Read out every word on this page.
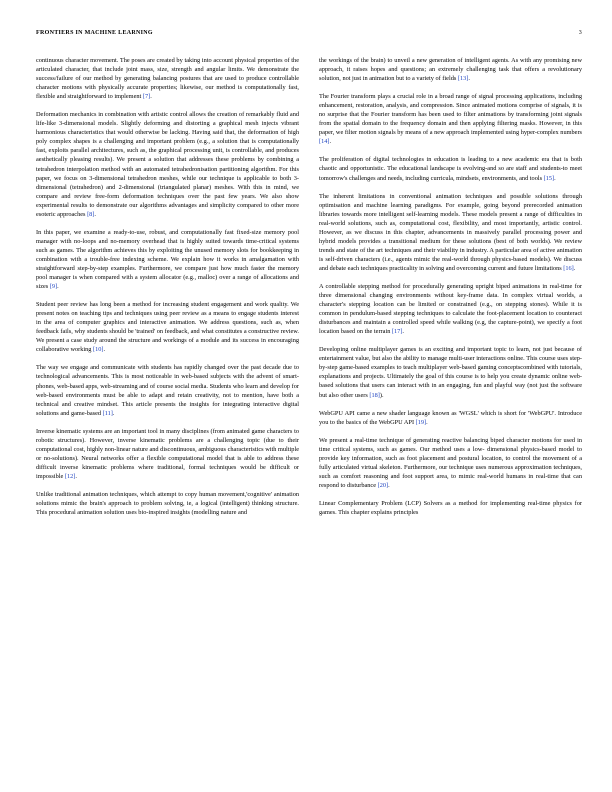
FRONTIERS IN MACHINE LEARNING	3

continuous character movement. The poses are created by taking into account physical properties of the articulated character, that include joint mass, size, strength and angular limits. We demonstrate the success/failure of our method by generating balancing postures that are used to produce controllable character motions with physically accurate properties; likewise, our method is computationally fast, flexible and straightforward to implement [7].

Deformation mechanics in combination with artistic control allows the creation of remarkably fluid and life-like 3-dimensional models. Slightly deforming and distorting a graphical mesh injects vibrant harmonious characteristics that would otherwise be lacking. Having said that, the deformation of high poly complex shapes is a challenging and important problem (e.g., a solution that is computationally fast, exploits parallel architectures, such as, the graphical processing unit, is controllable, and produces aesthetically pleasing results). We present a solution that addresses these problems by combining a tetrahedron interpolation method with an automated tetrahedronisation partitioning algorithm. For this paper, we focus on 3-dimensional tetrahedron meshes, while our technique is applicable to both 3-dimensional (tetrahedron) and 2-dimensional (triangulated planar) meshes. With this in mind, we compare and review free-form deformation techniques over the past few years. We also show experimental results to demonstrate our algorithms advantages and simplicity compared to other more esoteric approaches [8].

In this paper, we examine a ready-to-use, robust, and computationally fast fixed-size memory pool manager with no-loops and no-memory overhead that is highly suited towards time-critical systems such as games. The algorithm achieves this by exploiting the unused memory slots for bookkeeping in combination with a trouble-free indexing scheme. We explain how it works in amalgamation with straightforward step-by-step examples. Furthermore, we compare just how much faster the memory pool manager is when compared with a system allocator (e.g., malloc) over a range of allocations and sizes [9].

Student peer review has long been a method for increasing student engagement and work quality. We present notes on teaching tips and techniques using peer review as a means to engage students interest in the area of computer graphics and interactive animation. We address questions, such as, when feedback fails, why students should be 'trained' on feedback, and what constitutes a constructive review. We present a case study around the structure and workings of a module and its success in encouraging collaborative working [10].

The way we engage and communicate with students has rapidly changed over the past decade due to technological advancements. This is most noticeable in web-based subjects with the advent of smart-phones, web-based apps, web-streaming and of course social media. Students who learn and develop for web-based environments must be able to adapt and retain creativity, not to mention, have both a technical and creative mindset. This article presents the insights for integrating interactive digital solutions and game-based [11].

Inverse kinematic systems are an important tool in many disciplines (from animated game characters to robotic structures). However, inverse kinematic problems are a challenging topic (due to their computational cost, highly non-linear nature and discontinuous, ambiguous characteristics with multiple or no-solutions). Neural networks offer a flexible computational model that is able to address these difficult inverse kinematic problems where traditional, formal techniques would be difficult or impossible [12].

Unlike traditional animation techniques, which attempt to copy human movement,'cognitive' animation solutions mimic the brain's approach to problem solving, ie, a logical (intelligent) thinking structure. This procedural animation solution uses bio-inspired insights (modelling nature and

the workings of the brain) to unveil a new generation of intelligent agents. As with any promising new approach, it raises hopes and questions; an extremely challenging task that offers a revolutionary solution, not just in animation but to a variety of fields [13].

The Fourier transform plays a crucial role in a broad range of signal processing applications, including enhancement, restoration, analysis, and compression. Since animated motions comprise of signals, it is no surprise that the Fourier transform has been used to filter animations by transforming joint signals from the spatial domain to the frequency domain and then applying filtering masks. However, in this paper, we filter motion signals by means of a new approach implemented using hyper-complex numbers [14].

The proliferation of digital technologies in education is leading to a new academic era that is both chaotic and opportunistic. The educational landscape is evolving-and so are staff and students-to meet tomorrow's challenges and needs, including curricula, mindsets, environments, and tools [15].

The inherent limitations in conventional animation techniques and possible solutions through optimisation and machine learning paradigms. For example, going beyond prerecorded animation libraries towards more intelligent self-learning models. These models present a range of difficulties in real-world solutions, such as, computational cost, flexibility, and most importantly, artistic control. However, as we discuss in this chapter, advancements in massively parallel processing power and hybrid models provides a transitional medium for these solutions (best of both worlds). We review trends and state of the art techniques and their viability in industry. A particular area of active animation is self-driven characters (i.e., agents mimic the real-world through physics-based models). We discuss and debate each techniques practicality in solving and overcoming current and future limitations [16].

A controllable stepping method for procedurally generating upright biped animations in real-time for three dimensional changing environments without key-frame data. In complex virtual worlds, a character's stepping location can be limited or constrained (e.g., on stepping stones). While it is common in pendulum-based stepping techniques to calculate the foot-placement location to counteract disturbances and maintain a controlled speed while walking (e.g, the capture-point), we specify a foot location based on the terrain [17].

Developing online multiplayer games is an exciting and important topic to learn, not just because of entertainment value, but also the ability to manage multi-user interactions online. This course uses step-by-step game-based examples to teach multiplayer web-based gaming conceptscombined with tutorials, explanations and projects. Ultimately the goal of this course is to help you create dynamic online web-based solutions that users can interact with in an engaging, fun and playful way (not just the software but also other users [18]).

WebGPU API came a new shader language known as 'WGSL' which is short for 'WebGPU'. Introduce you to the basics of the WebGPU API [19].

We present a real-time technique of generating reactive balancing biped character motions for used in time critical systems, such as games. Our method uses a low- dimensional physics-based model to provide key information, such as foot placement and postural location, to control the movement of a fully articulated virtual skeleton. Furthermore, our technique uses numerous approximation techniques, such as comfort reasoning and foot support area, to mimic real-world humans in real-time that can respond to disturbance [20].

Linear Complementary Problem (LCP) Solvers as a method for implementing real-time physics for games. This chapter explains principles
